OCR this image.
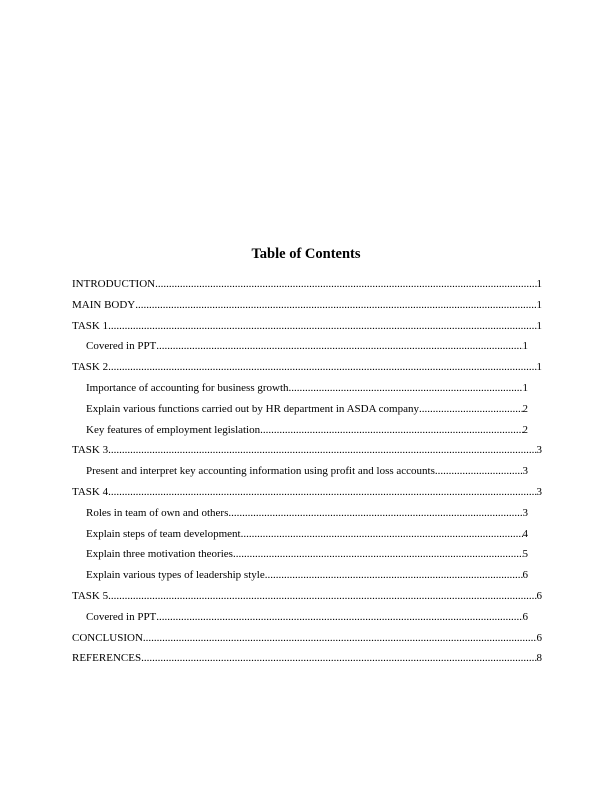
Table of Contents
INTRODUCTION .....	1
MAIN BODY .....	1
TASK 1 .....	1
Covered in PPT .....	1
TASK 2 .....	1
Importance of accounting for business growth .....	1
Explain various functions carried out by HR department in ASDA company .....	2
Key features of employment legislation .....	2
TASK 3 .....	3
Present and interpret key accounting information using profit and loss accounts .....	3
TASK 4 .....	3
Roles in team of own and others .....	3
Explain steps of team development .....	4
Explain three motivation theories .....	5
Explain various types of leadership style .....	6
TASK 5 .....	6
Covered in PPT .....	6
CONCLUSION .....	6
REFERENCES .....	8
